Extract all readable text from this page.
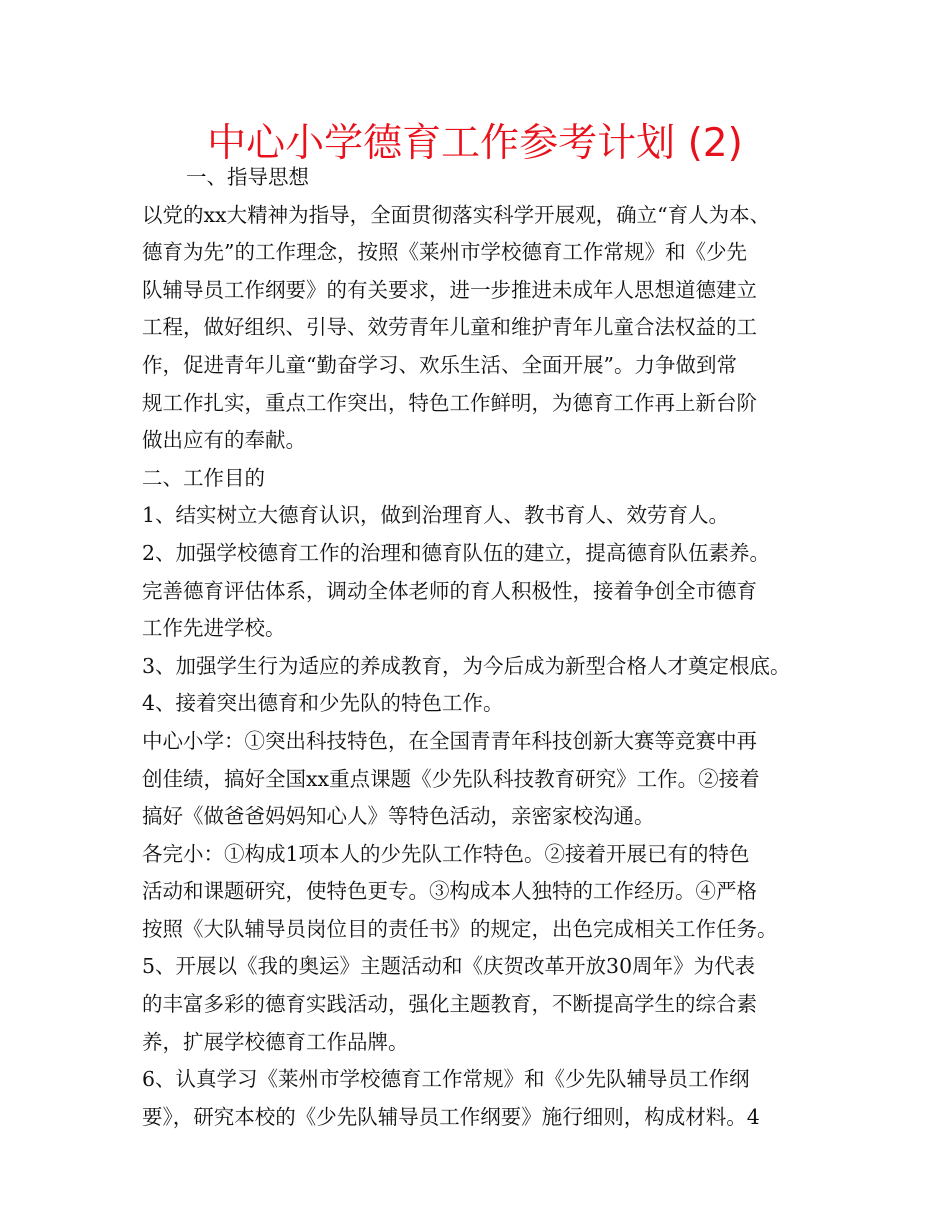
中心小学德育工作参考计划 (2)
一、指导思想
以党的xx大精神为指导，全面贯彻落实科学开展观，确立“育人为本、
德育为先”的工作理念，按照《莱州市学校德育工作常规》和《少先
队辅导员工作纲要》的有关要求，进一步推进未成年人思想道德建立
工程，做好组织、引导、效劳青年儿童和维护青年儿童合法权益的工
作，促进青年儿童“勤奋学习、欢乐生活、全面开展”。力争做到常
规工作扎实，重点工作突出，特色工作鲜明，为德育工作再上新台阶
做出应有的奉献。
二、工作目的
1、结实树立大德育认识，做到治理育人、教书育人、效劳育人。
2、加强学校德育工作的治理和德育队伍的建立，提高德育队伍素养。
完善德育评估体系，调动全体老师的育人积极性，接着争创全市德育
工作先进学校。
3、加强学生行为适应的养成教育，为今后成为新型合格人才奠定根底。
4、接着突出德育和少先队的特色工作。
中心小学：①突出科技特色，在全国青青年科技创新大赛等竞赛中再
创佳绩，搞好全国xx重点课题《少先队科技教育研究》工作。②接着
搞好《做爸爸妈妈知心人》等特色活动，亲密家校沟通。
各完小：①构成1项本人的少先队工作特色。②接着开展已有的特色
活动和课题研究，使特色更专。③构成本人独特的工作经历。④严格
按照《大队辅导员岗位目的责任书》的规定，出色完成相关工作任务。
5、开展以《我的奥运》主题活动和《庆贺改革开放30周年》为代表
的丰富多彩的德育实践活动，强化主题教育，不断提高学生的综合素
养，扩展学校德育工作品牌。
6、认真学习《莱州市学校德育工作常规》和《少先队辅导员工作纲
要》，研究本校的《少先队辅导员工作纲要》施行细则，构成材料。4
